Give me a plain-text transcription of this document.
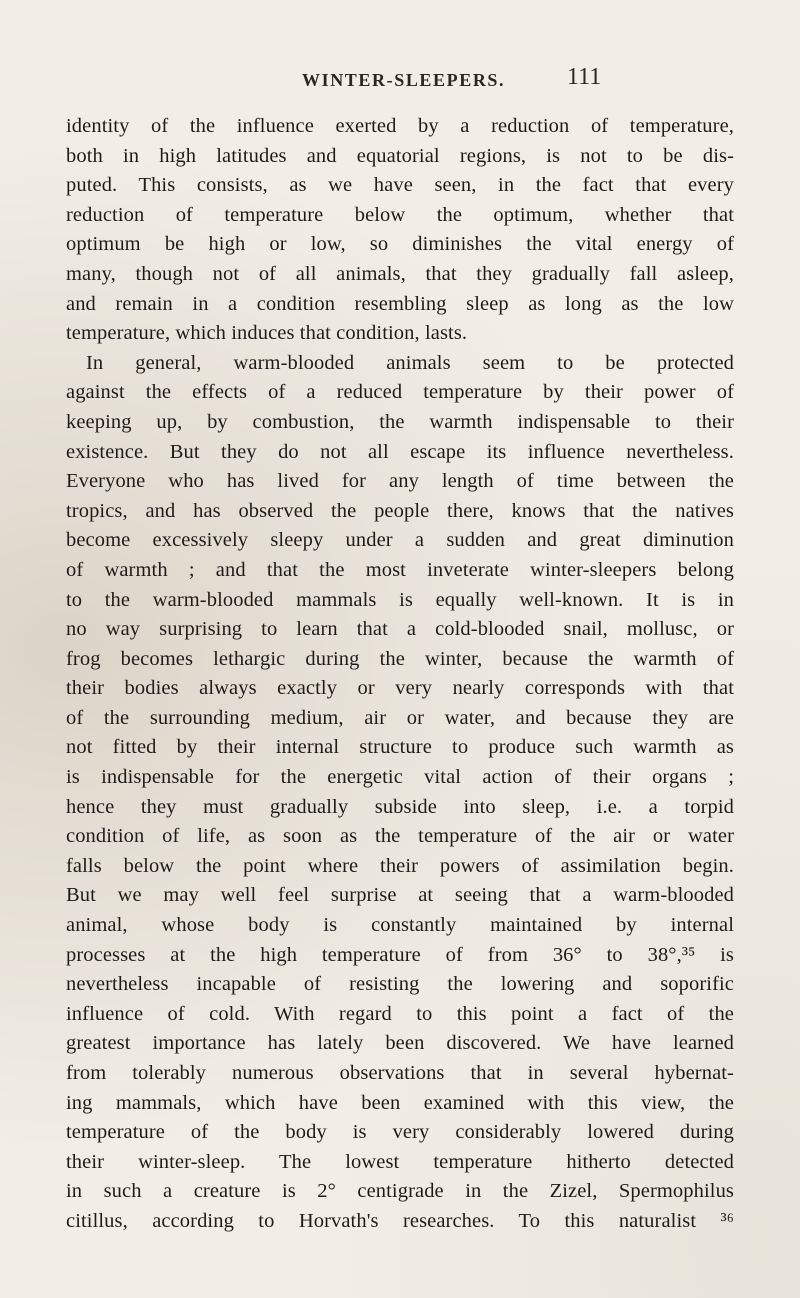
WINTER-SLEEPERS.	111
identity of the influence exerted by a reduction of temperature,
both in high latitudes and equatorial regions, is not to be dis-
puted. This consists, as we have seen, in the fact that every
reduction of temperature below the optimum, whether that
optimum be high or low, so diminishes the vital energy of
many, though not of all animals, that they gradually fall asleep,
and remain in a condition resembling sleep as long as the low
temperature, which induces that condition, lasts.
In general, warm-blooded animals seem to be protected
against the effects of a reduced temperature by their power of
keeping up, by combustion, the warmth indispensable to their
existence. But they do not all escape its influence nevertheless.
Everyone who has lived for any length of time between the
tropics, and has observed the people there, knows that the natives
become excessively sleepy under a sudden and great diminution
of warmth ; and that the most inveterate winter-sleepers belong
to the warm-blooded mammals is equally well-known. It is in
no way surprising to learn that a cold-blooded snail, mollusc, or
frog becomes lethargic during the winter, because the warmth of
their bodies always exactly or very nearly corresponds with that
of the surrounding medium, air or water, and because they are
not fitted by their internal structure to produce such warmth as
is indispensable for the energetic vital action of their organs ;
hence they must gradually subside into sleep, i.e. a torpid
condition of life, as soon as the temperature of the air or water
falls below the point where their powers of assimilation begin.
But we may well feel surprise at seeing that a warm-blooded
animal, whose body is constantly maintained by internal
processes at the high temperature of from 36° to 38°,³⁵ is
nevertheless incapable of resisting the lowering and soporific
influence of cold. With regard to this point a fact of the
greatest importance has lately been discovered. We have learned
from tolerably numerous observations that in several hybernat-
ing mammals, which have been examined with this view, the
temperature of the body is very considerably lowered during
their winter-sleep. The lowest temperature hitherto detected
in such a creature is 2° centigrade in the Zizel, Spermophilus
citillus, according to Horvath's researches. To this naturalist ³⁶
